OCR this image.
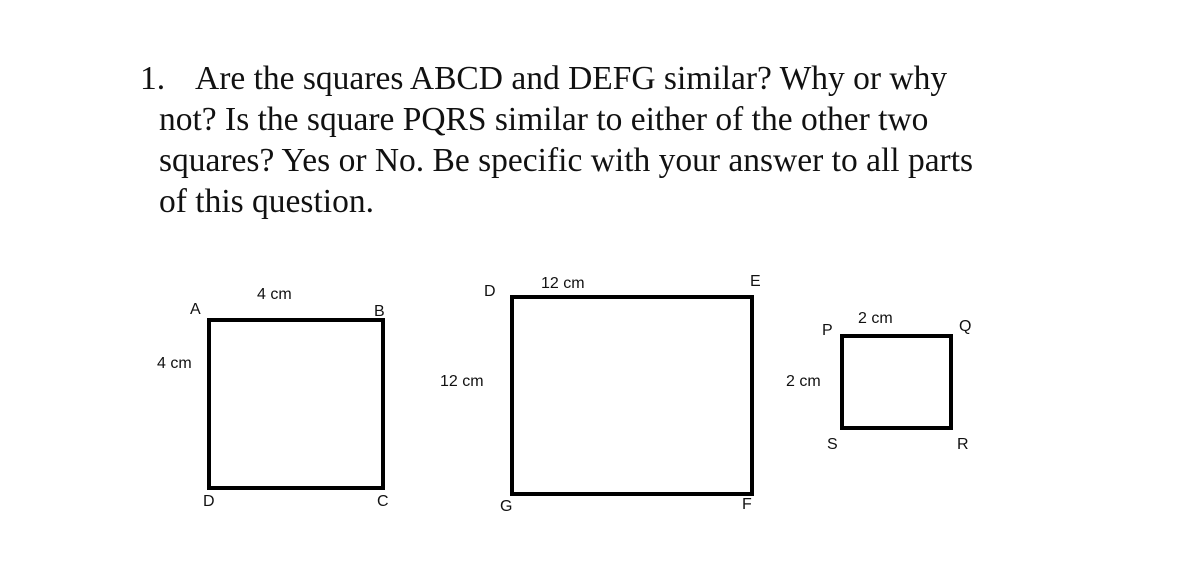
1. Are the squares ABCD and DEFG similar? Why or why
not? Is the square PQRS similar to either of the other two
squares? Yes or No. Be specific with your answer to all parts
of this question.
A	B
D	C
4 cm
4 cm
D
E
G	F
12 cm
12 cm
P	Q
S	R
2 cm
2 cm
